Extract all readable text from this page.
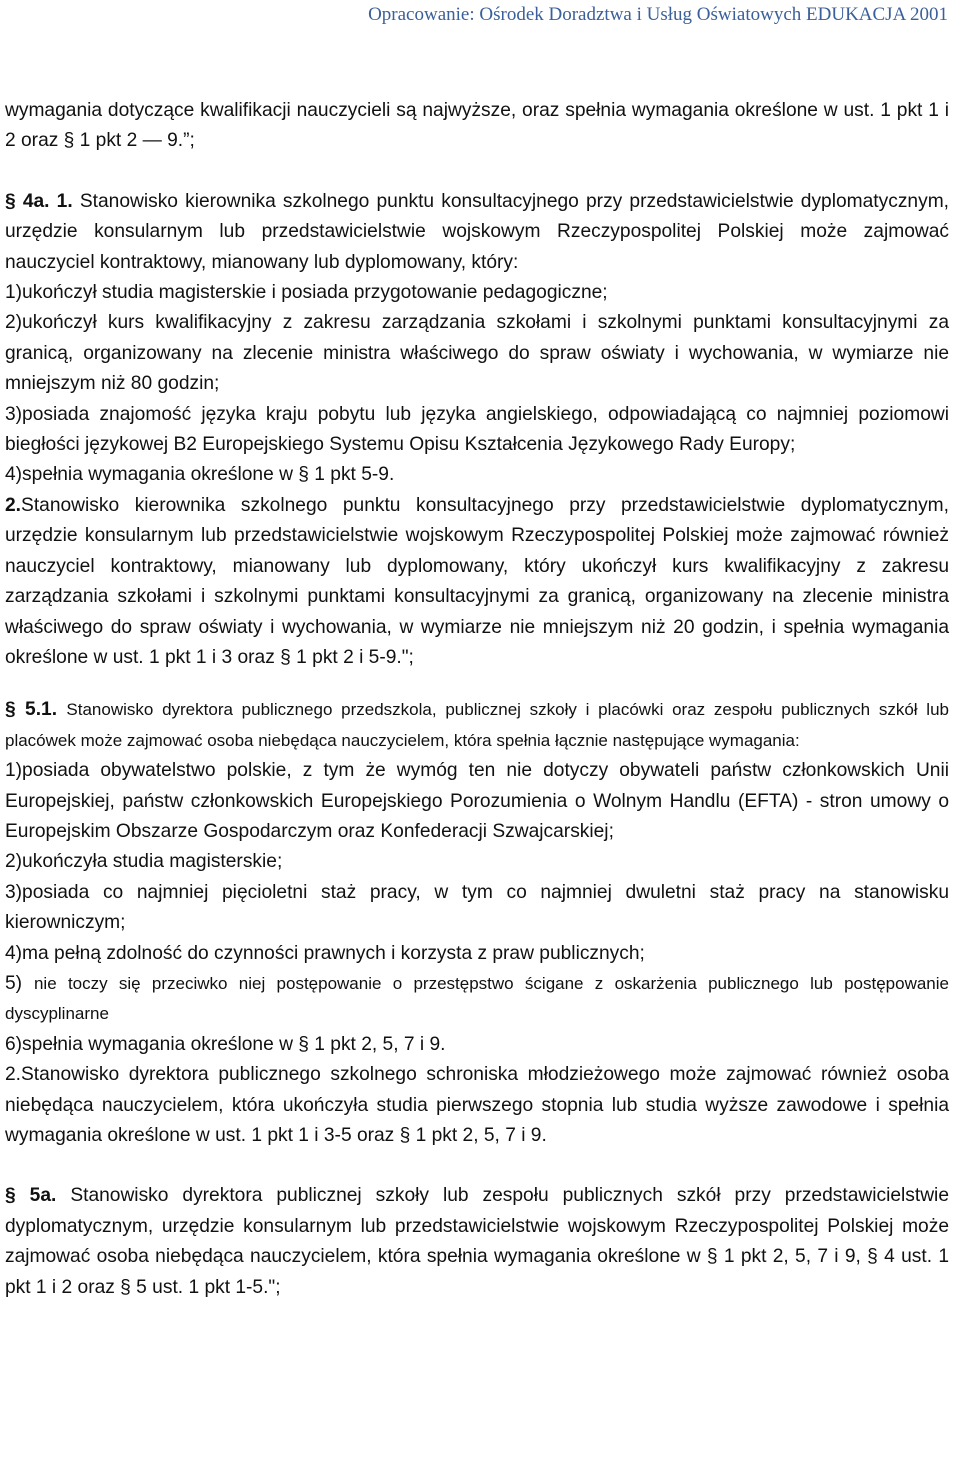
Opracowanie: Ośrodek Doradztwa i Usług Oświatowych EDUKACJA 2001

wymagania dotyczące kwalifikacji nauczycieli są najwyższe, oraz spełnia wymagania określone w ust. 1 pkt 1 i 2 oraz § 1 pkt 2 — 9.”;

§ 4a. 1. Stanowisko kierownika szkolnego punktu konsultacyjnego przy przedstawicielstwie dyplomatycznym, urzędzie konsularnym lub przedstawicielstwie wojskowym Rzeczypospolitej Polskiej może zajmować nauczyciel kontraktowy, mianowany lub dyplomowany, który:

1)ukończył studia magisterskie i posiada przygotowanie pedagogiczne;

2)ukończył kurs kwalifikacyjny z zakresu zarządzania szkołami i szkolnymi punktami konsultacyjnymi za granicą, organizowany na zlecenie ministra właściwego do spraw oświaty i wychowania, w wymiarze nie mniejszym niż 80 godzin;

3)posiada znajomość języka kraju pobytu lub języka angielskiego, odpowiadającą co najmniej poziomowi biegłości językowej B2 Europejskiego Systemu Opisu Kształcenia Językowego Rady Europy;

4)spełnia wymagania określone w § 1 pkt 5-9.

2.Stanowisko kierownika szkolnego punktu konsultacyjnego przy przedstawicielstwie dyplomatycznym, urzędzie konsularnym lub przedstawicielstwie wojskowym Rzeczypospolitej Polskiej może zajmować również nauczyciel kontraktowy, mianowany lub dyplomowany, który ukończył kurs kwalifikacyjny z zakresu zarządzania szkołami i szkolnymi punktami konsultacyjnymi za granicą, organizowany na zlecenie ministra właściwego do spraw oświaty i wychowania, w wymiarze nie mniejszym niż 20 godzin, i spełnia wymagania określone w ust. 1 pkt 1 i 3 oraz § 1 pkt 2 i 5-9.";

§ 5.1. Stanowisko dyrektora publicznego przedszkola, publicznej szkoły i placówki oraz zespołu publicznych szkół lub placówek może zajmować osoba niebędąca nauczycielem, która spełnia łącznie następujące wymagania:

1)posiada obywatelstwo polskie, z tym że wymóg ten nie dotyczy obywateli państw członkowskich Unii Europejskiej, państw członkowskich Europejskiego Porozumienia o Wolnym Handlu (EFTA) - stron umowy o Europejskim Obszarze Gospodarczym oraz Konfederacji Szwajcarskiej;

2)ukończyła studia magisterskie;

3)posiada co najmniej pięcioletni staż pracy, w tym co najmniej dwuletni staż pracy na stanowisku kierowniczym;

4)ma pełną zdolność do czynności prawnych i korzysta z praw publicznych;

5) nie toczy się przeciwko niej postępowanie o przestępstwo ścigane z oskarżenia publicznego lub postępowanie dyscyplinarne

6)spełnia wymagania określone w § 1 pkt 2, 5, 7 i 9.

2.Stanowisko dyrektora publicznego szkolnego schroniska młodzieżowego może zajmować również osoba niebędąca nauczycielem, która ukończyła studia pierwszego stopnia lub studia wyższe zawodowe i spełnia wymagania określone w ust. 1 pkt 1 i 3-5 oraz § 1 pkt 2, 5, 7 i 9.

§ 5a. Stanowisko dyrektora publicznej szkoły lub zespołu publicznych szkół przy przedstawicielstwie dyplomatycznym, urzędzie konsularnym lub przedstawicielstwie wojskowym Rzeczypospolitej Polskiej może zajmować osoba niebędąca nauczycielem, która spełnia wymagania określone w § 1 pkt 2, 5, 7 i 9, § 4 ust. 1 pkt 1 i 2 oraz § 5 ust. 1 pkt 1-5.";
